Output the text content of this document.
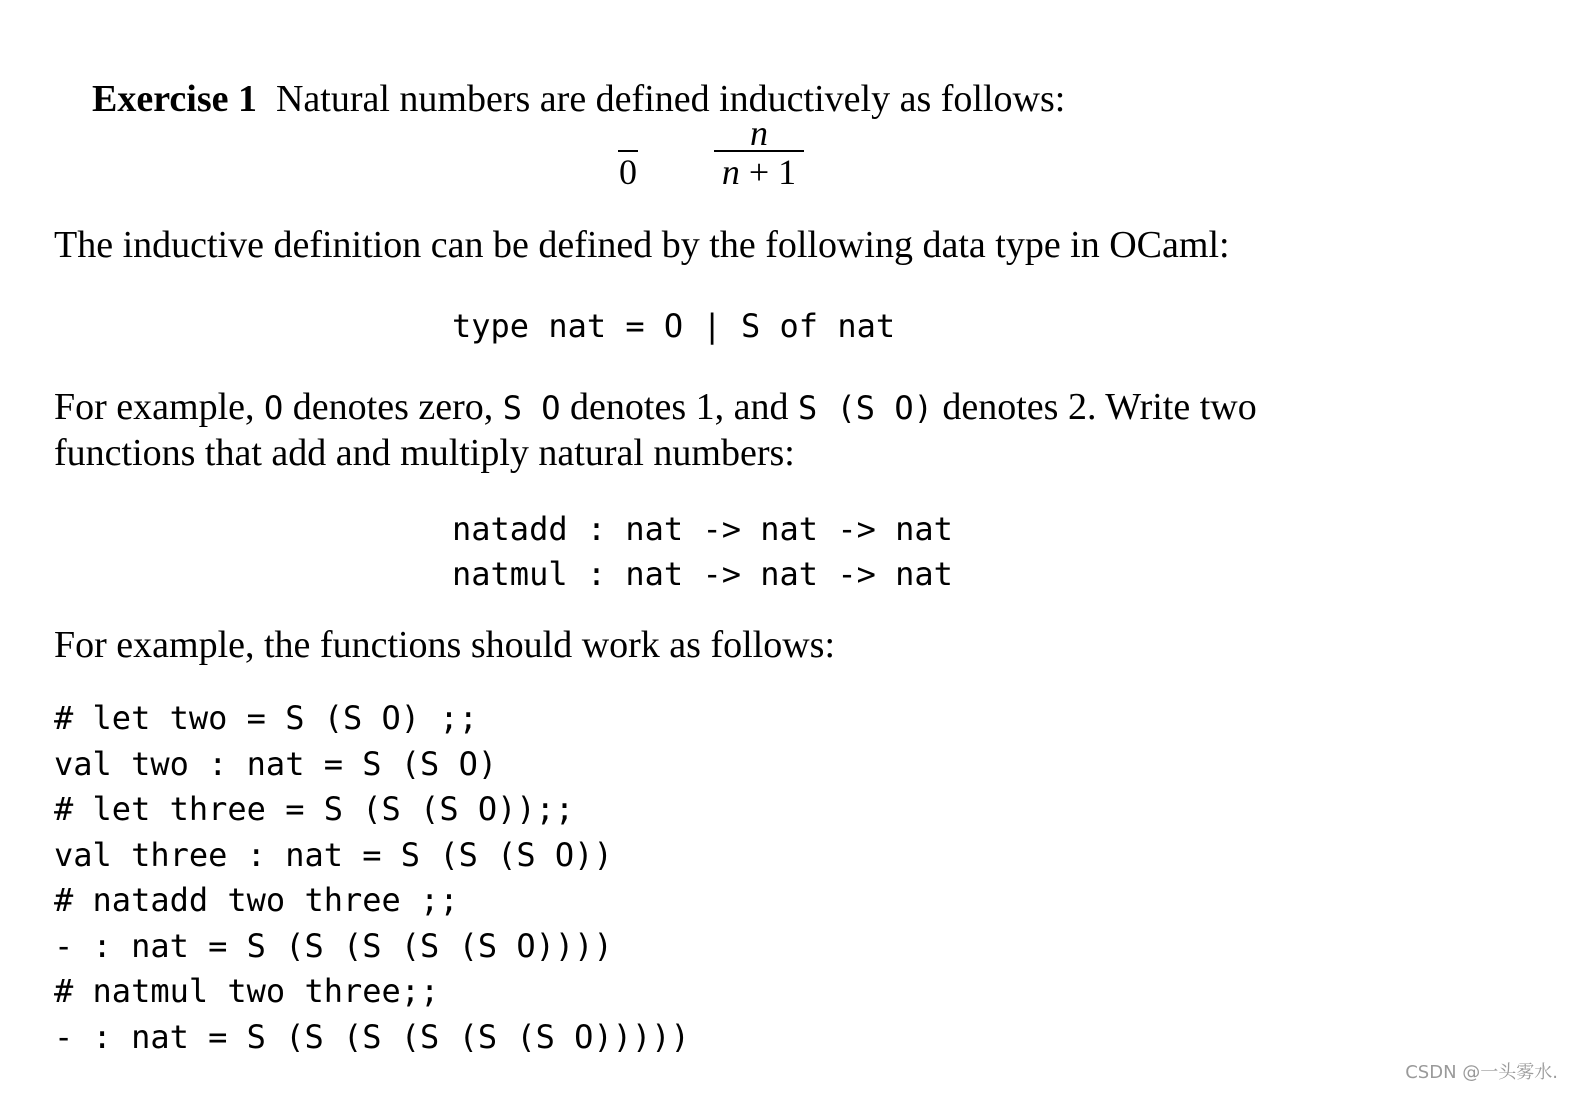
Exercise 1 Natural numbers are defined inductively as follows:

0
n
n + 1
The inductive definition can be defined by the following data type in OCaml:
type nat = O | S of nat
For example, O denotes zero, S O denotes 1, and S (S O) denotes 2. Write two
functions that add and multiply natural numbers:
natadd : nat -> nat -> nat
natmul : nat -> nat -> nat
For example, the functions should work as follows:
# let two = S (S O) ;;
val two : nat = S (S O)
# let three = S (S (S O));;
val three : nat = S (S (S O))
# natadd two three ;;
- : nat = S (S (S (S (S O))))
# natmul two three;;
- : nat = S (S (S (S (S (S O)))))
CSDN @一头雾水.
